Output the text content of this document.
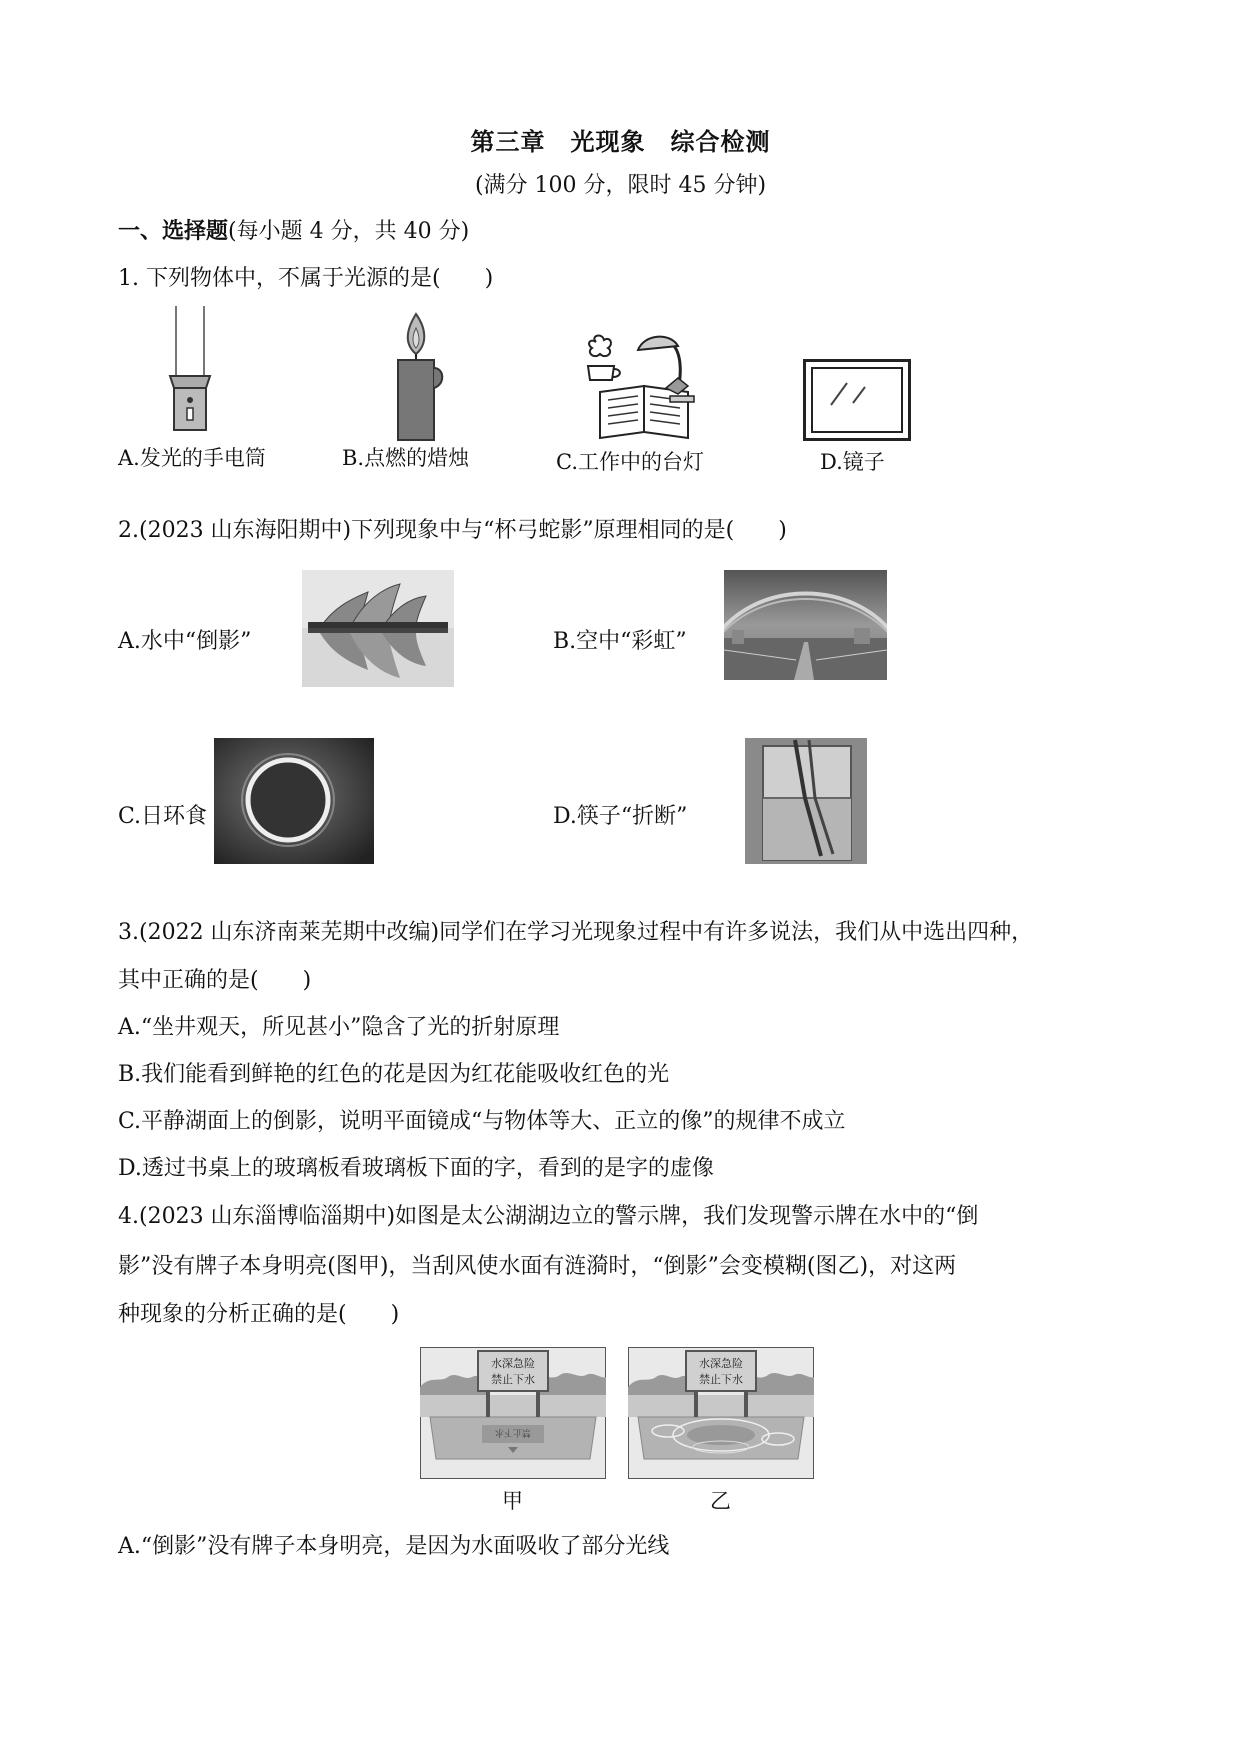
第三章　光现象　综合检测
(满分 100 分，限时 45 分钟)
一、选择题(每小题 4 分，共 40 分)
1. 下列物体中，不属于光源的是(　　)
A.发光的手电筒	B.点燃的焟烛	C.工作中的台灯	D.镜子
2.(2023 山东海阳期中)下列现象中与“杯弓蛇影”原理相同的是(　　)
A.水中“倒影”	B.空中“彩虹”
C.日环食	D.筷子“折断”
3.(2022 山东济南莱芜期中改编)同学们在学习光现象过程中有许多说法，我们从中选出四种，
其中正确的是(　　)
A.“坐井观天，所见甚小”隐含了光的折射原理
B.我们能看到鲜艳的红色的花是因为红花能吸收红色的光
C.平静湖面上的倒影，说明平面镜成“与物体等大、正立的像”的规律不成立
D.透过书桌上的玻璃板看玻璃板下面的字，看到的是字的虚像
4.(2023 山东淄博临淄期中)如图是太公湖湖边立的警示牌，我们发现警示牌在水中的“倒
影”没有牌子本身明亮(图甲)，当刮风使水面有涟漪时，“倒影”会变模糊(图乙)，对这两
种现象的分析正确的是(　　)
水深急险
禁止下水
禁止下水
甲
水深急险
禁止下水
乙
A.“倒影”没有牌子本身明亮，是因为水面吸收了部分光线
